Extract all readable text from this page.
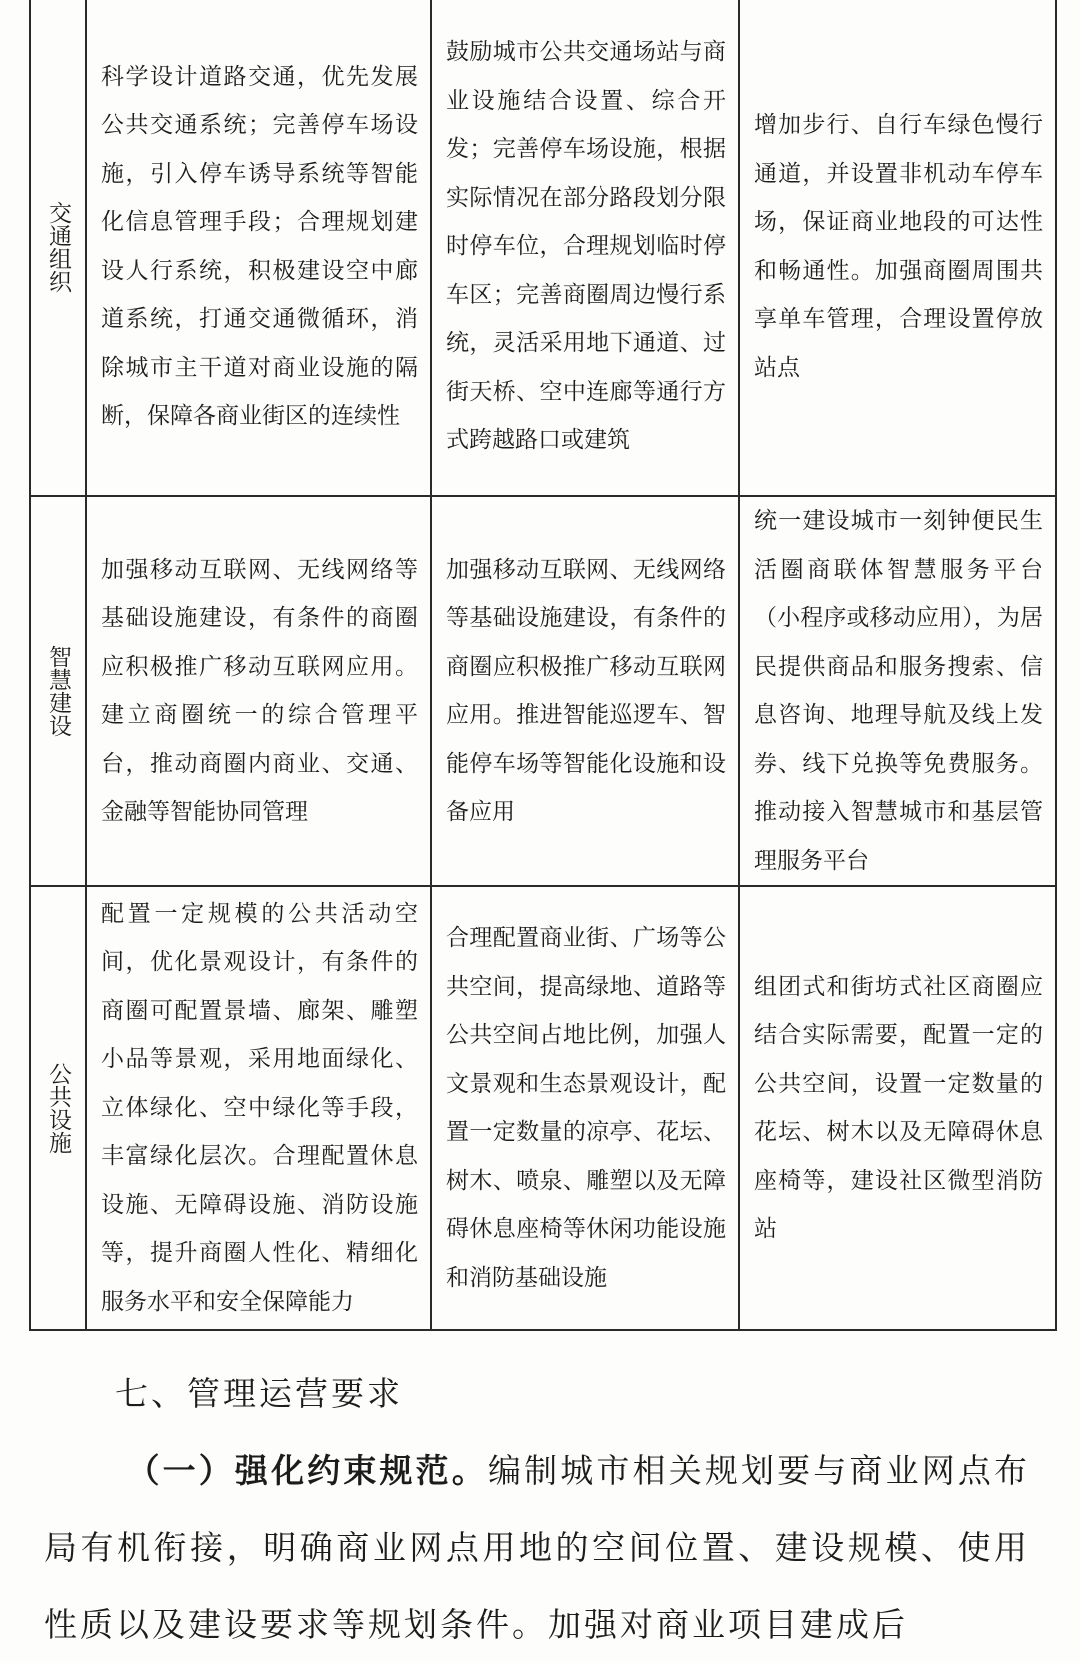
交通组织	科学设计道路交通，优先发展公共交通系统；完善停车场设施，引入停车诱导系统等智能化信息管理手段；合理规划建设人行系统，积极建设空中廊道系统，打通交通微循环，消除城市主干道对商业设施的隔断，保障各商业街区的连续性	鼓励城市公共交通场站与商业设施结合设置、综合开发；完善停车场设施，根据实际情况在部分路段划分限时停车位，合理规划临时停车区；完善商圈周边慢行系统，灵活采用地下通道、过街天桥、空中连廊等通行方式跨越路口或建筑	增加步行、自行车绿色慢行通道，并设置非机动车停车场，保证商业地段的可达性和畅通性。加强商圈周围共享单车管理，合理设置停放站点

智慧建设	加强移动互联网、无线网络等基础设施建设，有条件的商圈应积极推广移动互联网应用。建立商圈统一的综合管理平台，推动商圈内商业、交通、金融等智能协同管理	加强移动互联网、无线网络等基础设施建设，有条件的商圈应积极推广移动互联网应用。推进智能巡逻车、智能停车场等智能化设施和设备应用	统一建设城市一刻钟便民生活圈商联体智慧服务平台（小程序或移动应用），为居民提供商品和服务搜索、信息咨询、地理导航及线上发券、线下兑换等免费服务。推动接入智慧城市和基层管理服务平台

公共设施	配置一定规模的公共活动空间，优化景观设计，有条件的商圈可配置景墙、廊架、雕塑小品等景观，采用地面绿化、立体绿化、空中绿化等手段，丰富绿化层次。合理配置休息设施、无障碍设施、消防设施等，提升商圈人性化、精细化服务水平和安全保障能力	合理配置商业街、广场等公共空间，提高绿地、道路等公共空间占地比例，加强人文景观和生态景观设计，配置一定数量的凉亭、花坛、树木、喷泉、雕塑以及无障碍休息座椅等休闲功能设施和消防基础设施	组团式和街坊式社区商圈应结合实际需要，配置一定的公共空间，设置一定数量的花坛、树木以及无障碍休息座椅等，建设社区微型消防站
七、管理运营要求
（一）强化约束规范。编制城市相关规划要与商业网点布局有机衔接，明确商业网点用地的空间位置、建设规模、使用性质以及建设要求等规划条件。加强对商业项目建成后
